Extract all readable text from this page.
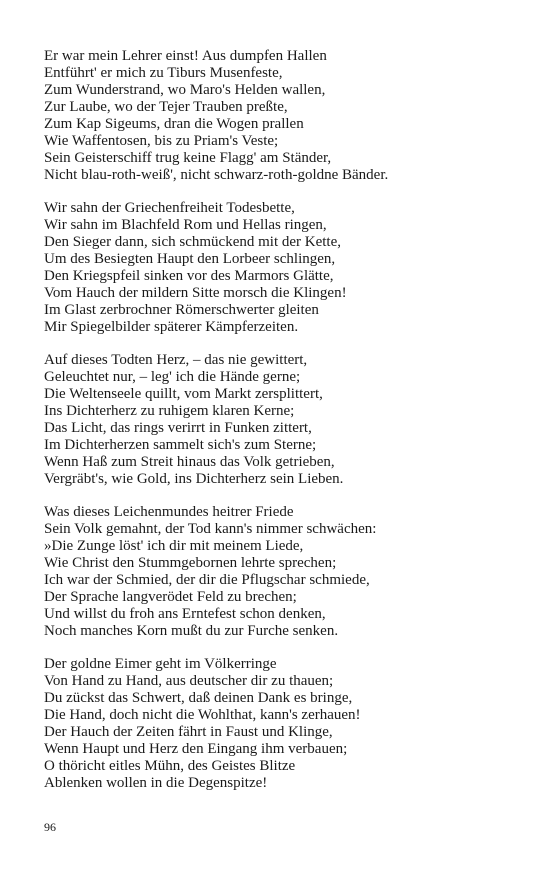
Er war mein Lehrer einst! Aus dumpfen Hallen
Entführt' er mich zu Tiburs Musenfeste,
Zum Wunderstrand, wo Maro's Helden wallen,
Zur Laube, wo der Tejer Trauben preßte,
Zum Kap Sigeums, dran die Wogen prallen
Wie Waffentosen, bis zu Priam's Veste;
Sein Geisterschiff trug keine Flagg' am Ständer,
Nicht blau-roth-weiß', nicht schwarz-roth-goldne Bänder.
Wir sahn der Griechenfreiheit Todesbette,
Wir sahn im Blachfeld Rom und Hellas ringen,
Den Sieger dann, sich schmückend mit der Kette,
Um des Besiegten Haupt den Lorbeer schlingen,
Den Kriegspfeil sinken vor des Marmors Glätte,
Vom Hauch der mildern Sitte morsch die Klingen!
Im Glast zerbrochner Römerschwerter gleiten
Mir Spiegelbilder späterer Kämpferzeiten.
Auf dieses Todten Herz, – das nie gewittert,
Geleuchtet nur, – leg' ich die Hände gerne;
Die Weltenseele quillt, vom Markt zersplittert,
Ins Dichterherz zu ruhigem klaren Kerne;
Das Licht, das rings verirrt in Funken zittert,
Im Dichterherzen sammelt sich's zum Sterne;
Wenn Haß zum Streit hinaus das Volk getrieben,
Vergräbt's, wie Gold, ins Dichterherz sein Lieben.
Was dieses Leichenmundes heitrer Friede
Sein Volk gemahnt, der Tod kann's nimmer schwächen:
»Die Zunge löst' ich dir mit meinem Liede,
Wie Christ den Stummgebornen lehrte sprechen;
Ich war der Schmied, der dir die Pflugschar schmiede,
Der Sprache langverödet Feld zu brechen;
Und willst du froh ans Erntefest schon denken,
Noch manches Korn mußt du zur Furche senken.
Der goldne Eimer geht im Völkerringe
Von Hand zu Hand, aus deutscher dir zu thauen;
Du zückst das Schwert, daß deinen Dank es bringe,
Die Hand, doch nicht die Wohlthat, kann's zerhauen!
Der Hauch der Zeiten fährt in Faust und Klinge,
Wenn Haupt und Herz den Eingang ihm verbauen;
O thöricht eitles Mühn, des Geistes Blitze
Ablenken wollen in die Degenspitze!
96
